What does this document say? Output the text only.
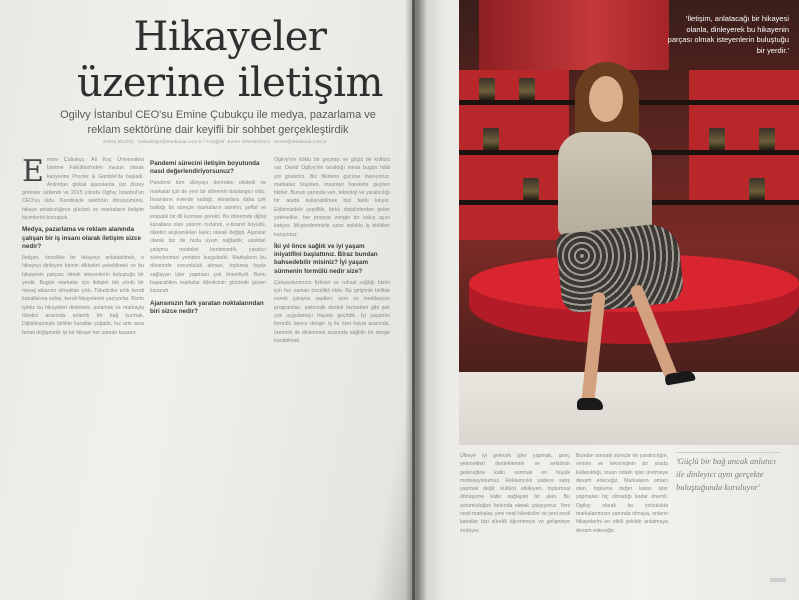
Hikayeler
üzerine iletişim
Ogilvy İstanbul CEO'su Emine Çubukçu ile medya, pazarlama ve reklam sektörüne dair keyifli bir sohbet gerçekleştirdik
Kübra BİLGİÇ · kubrabilgic@mediacat.com.tr / Fotoğraf: Evren SİNANOĞLU · evren@mediacat.com.tr

Emine Çubukçu, Ali Koç Üniversitesi İşletme Fakültesi'nden mezun olarak kariyerine Procter & Gamble'da başladı. Ardından global ajanslarda üst düzey görevler üstlendi ve 2015 yılında Ogilvy İstanbul'un CEO'su oldu. Kendisiyle sektörün dönüşümünü, hikaye anlatıcılığının gücünü ve markaların iletişim biçimlerini konuştuk.

Medya, pazarlama ve reklam alanında çalışan bir iş insanı olarak iletişim sizce nedir?

İletişim, öncelikle bir hikayeyi anlatabilmek, o hikayeyi dinleyen birinin dikkatini çekebilmek ve bu hikayenin parçası olmak isteyenlerin buluştuğu bir yerdir. Bugün markalar için iletişim tek yönlü bir mesaj aktarımı olmaktan çıktı. Tüketiciler artık kendi kanallarına sahip, kendi hikayelerini yazıyorlar. Bizim işimiz bu hikayeleri dinlemek, anlamak ve markayla tüketici arasında anlamlı bir bağ kurmak. Dijitalleşmeyle birlikte kanallar çoğaldı, hız arttı ama temel değişmedi: iyi bir hikaye her zaman kazanır.

Pandemi sürecini iletişim boyutunda nasıl değerlendiriyorsunuz?

Pandemi tüm dünyayı derinden etkiledi ve markalar için de yeni bir dönemin başlangıcı oldu. İnsanların evlerde kaldığı, ekranlara daha çok baktığı bir süreçte markaların samimi, şeffaf ve empatik bir dil kurması gerekti. Bu dönemde dijital kanallara olan yatırım hızlandı, e-ticaret büyüdü, tüketici alışkanlıkları kalıcı olarak değişti. Ajanslar olarak biz de hızla uyum sağladık; uzaktan çalışma modelini benimsedik, yaratıcı süreçlerimizi yeniden kurguladık. Markaların bu dönemde sorumluluk alması, topluma fayda sağlayan işler yapması çok önemliydi. Bunu başarabilen markalar tüketicinin gözünde güven kazandı.

Ajansınızın fark yaratan noktalarından biri sizce nedir?

Ogilvy'nin köklü bir geçmişi ve güçlü bir kültürü var. David Ogilvy'nin bıraktığı miras bugün hâlâ yol gösterici. Biz fikirlerin gücüne inanıyoruz; markaları büyüten, insanları harekete geçiren fikirler. Bunun yanında veri, teknoloji ve yaratıcılığı bir arada kullanabilmek bizi farklı kılıyor. Ekibimizdeki çeşitlilik, farklı disiplinlerden gelen yetenekler, her projeye zengin bir bakış açısı katıyor. Müşterilerimizle uzun soluklu iş birlikleri kuruyoruz.

İki yıl önce sağlık ve iyi yaşam iniyatifini başlattınız. Biraz bundan bahsedebilir misiniz? İyi yaşam sürmenin formülü nedir size?

Çalışanlarımızın fiziksel ve ruhsal sağlığı bizim için her zaman öncelikli oldu. Bu girişimle birlikte esnek çalışma saatleri, spor ve meditasyon programları, psikolojik destek hizmetleri gibi pek çok uygulamayı hayata geçirdik. İyi yaşamın formülü bence denge: iş ile özel hayat arasında, üretmek ile dinlenmek arasında sağlıklı bir denge kurabilmek.

'İletişim, anlatacağı bir hikayesi olanla, dinleyerek bu hikayenin parçası olmak isteyenlerin buluştuğu bir yerdir.'

Ülkeye iyi gelecek işler yapmak, genç yetenekleri desteklemek ve sektörün geleceğine katkı sunmak en büyük motivasyonumuz. Reklamcılık sadece satış yapmak değil; kültürü etkileyen, toplumsal dönüşüme katkı sağlayan bir alan. Bu sorumluluğun farkında olarak çalışıyoruz. Yeni nesil markalar, yeni nesil tüketiciler ve yeni nesil kanallar bizi sürekli öğrenmeye ve gelişmeye zorluyor.

Bundan sonraki süreçte de yaratıcılığın, verinin ve teknolojinin bir arada kullanıldığı, insan odaklı işler üretmeye devam edeceğiz. Markaların amacı olan, topluma değer katan işler yapmaları hiç olmadığı kadar önemli. Ogilvy olarak bu yolculukta markalarımızın yanında olmaya, onların hikayelerini en etkili şekilde anlatmaya devam edeceğiz.

'Güçlü bir bağ ancak anlatıcı ile dinleyici aynı gerçekte buluştuğunda kuruluyor'
